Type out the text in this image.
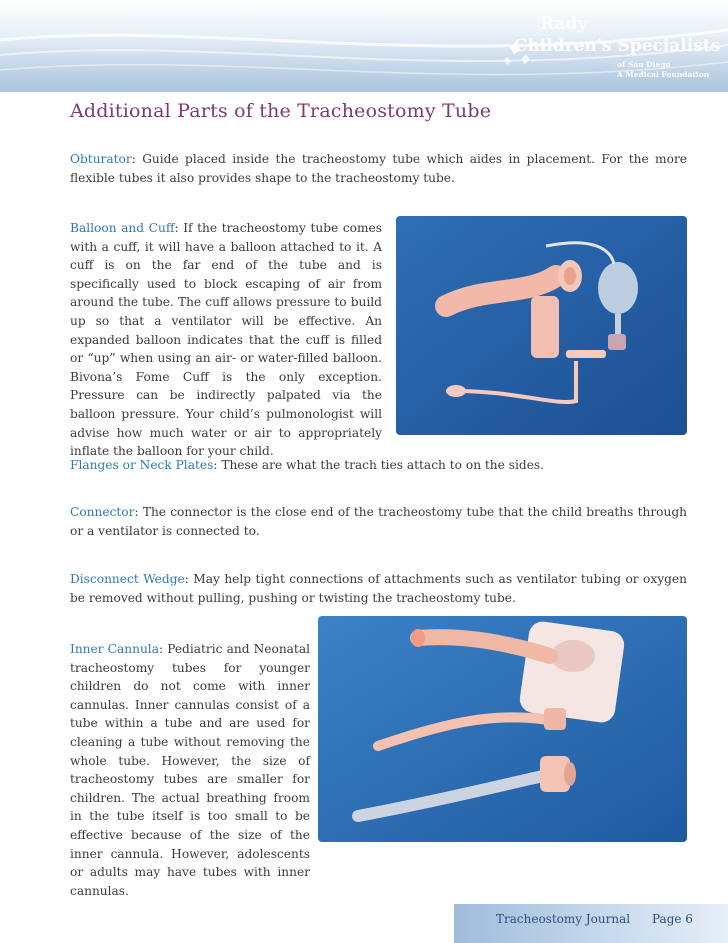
Rady
Children's Specialists
of San Diego
A Medical Foundation
Additional Parts of the Tracheostomy Tube

Obturator: Guide placed inside the tracheostomy tube which aides in placement. For the more flexible tubes it also provides shape to the tracheostomy tube.

Balloon and Cuff: If the tracheostomy tube comes with a cuff, it will have a balloon attached to it. A cuff is on the far end of the tube and is specifically used to block escaping of air from around the tube. The cuff allows pressure to build up so that a ventilator will be effective. An expanded balloon indicates that the cuff is filled or “up” when using an air- or water-filled balloon. Bivona’s Fome Cuff is the only exception. Pressure can be indirectly palpated via the balloon pressure. Your child’s pulmonologist will advise how much water or air to appropriately inflate the balloon for your child.

Flanges or Neck Plates: These are what the trach ties attach to on the sides.

Connector: The connector is the close end of the tracheostomy tube that the child breaths through or a ventilator is connected to.

Disconnect Wedge: May help tight connections of attachments such as ventilator tubing or oxygen be removed without pulling, pushing or twisting the tracheostomy tube.

Inner Cannula: Pediatric and Neonatal tracheostomy tubes for younger children do not come with inner cannulas. Inner cannulas consist of a tube within a tube and are used for cleaning a tube without removing the whole tube. However, the size of tracheostomy tubes are smaller for children. The actual breathing froom in the tube itself is too small to be effective because of the size of the inner cannula. However, adolescents or adults may have tubes with inner cannulas.

Tracheostomy Journal Page 6
